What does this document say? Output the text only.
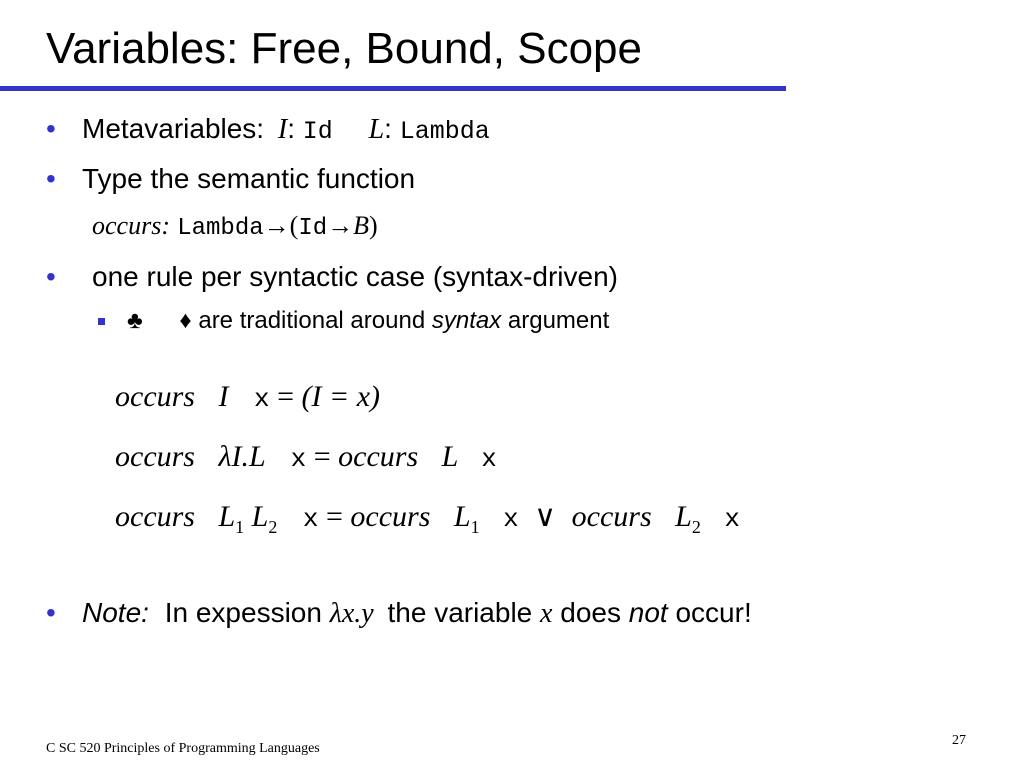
Variables: Free, Bound, Scope
• Metavariables: I: Id L: Lambda
• Type the semantic function
occurs: Lambda→(Id→B)
• one rule per syntactic case (syntax-driven)
♣ ♦ are traditional around syntax argument
occurs I x = (I = x)
occurs λI.L x = occurs L x
occurs $L_1$ $L_2$ x = occurs $L_1$ x ∨ occurs $L_2$ x
• Note: In expession λx.y the variable x does not occur!
C SC 520 Principles of Programming Languages
27
